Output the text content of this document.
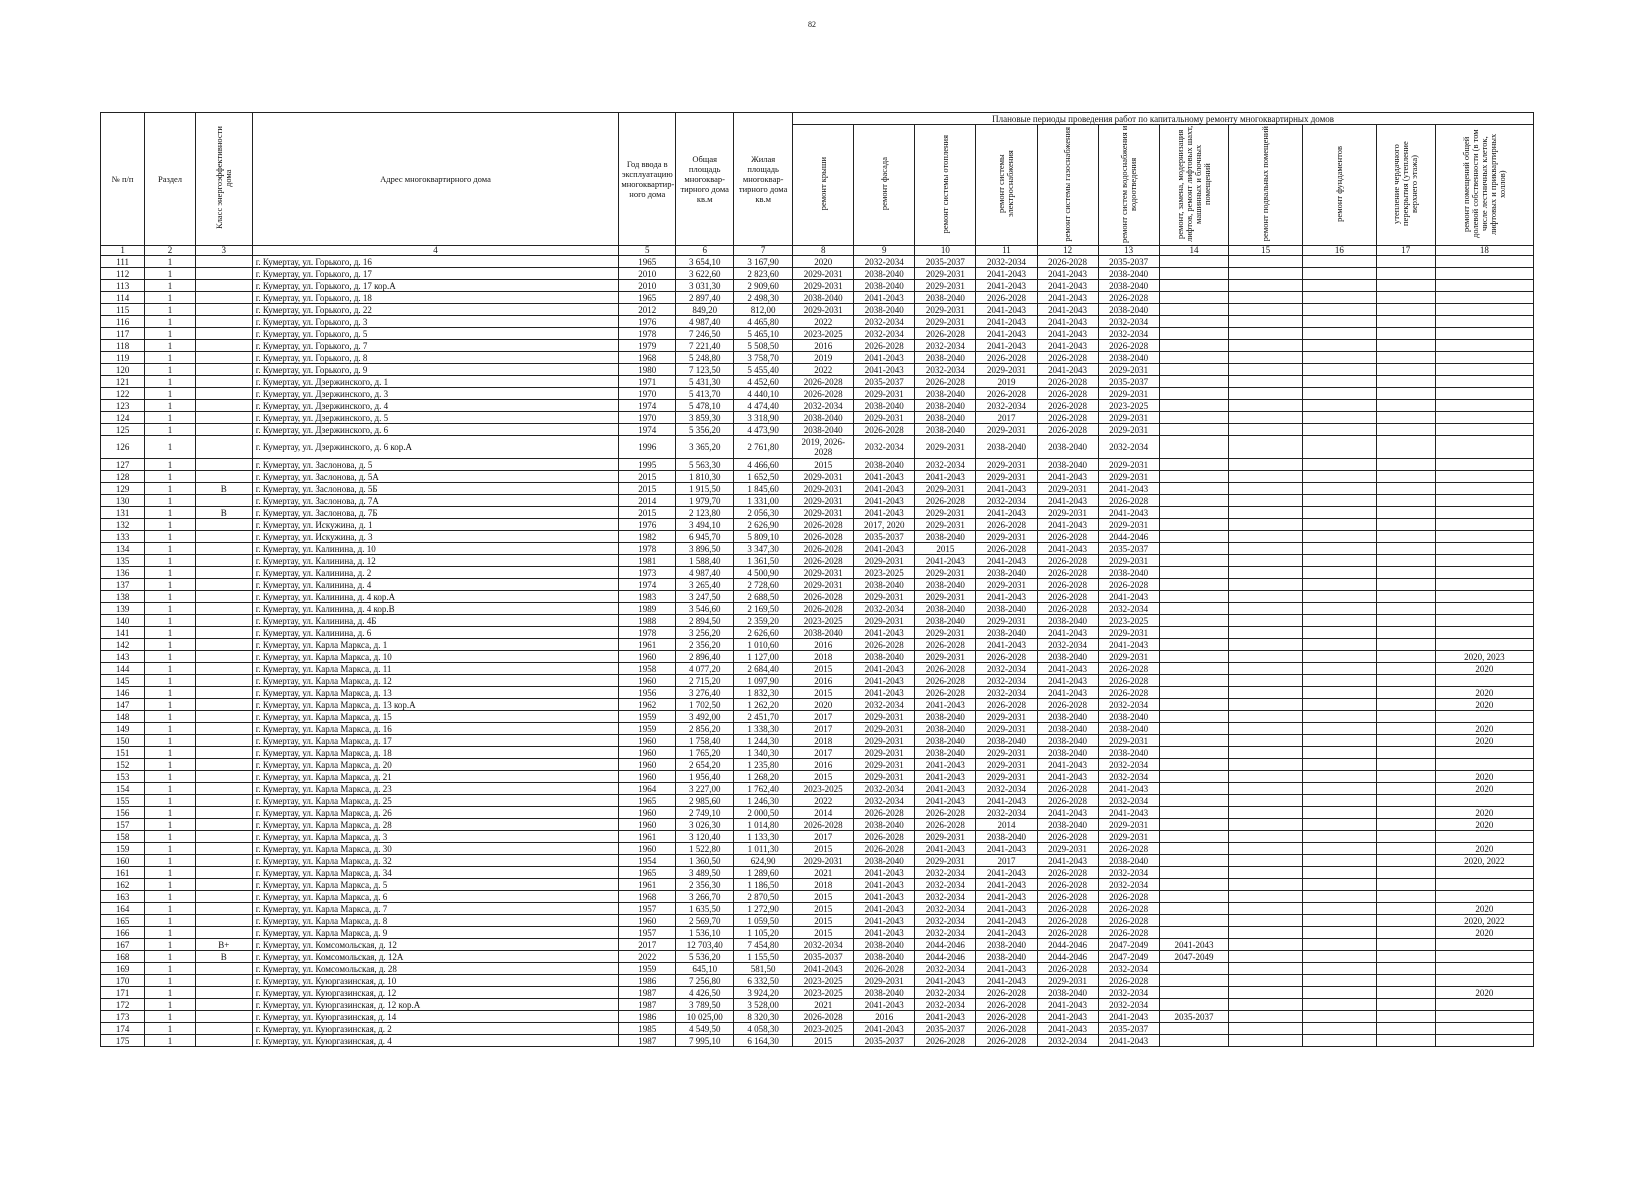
82
№ п/п	Раздел	Класс энергоэффективности дома	Адрес многоквартирного дома	Год ввода в эксплуатацию многоквартир-ного дома	Общая площадь многоквар-тирного дома кв.м	Жилая площадь многоквар-тирного дома кв.м	Плановые периоды проведения работ по капитальному ремонту многоквартирных домов										
							ремонт крыши	ремонт фасада	ремонт системы отопления	ремонт системы электроснабжения	ремонт системы газоснабжения	ремонт систем водоснабжения и водоотведения	ремонт, замена, модернизация лифтов, ремонт лифтовых шахт, машинных и блочных помещений	ремонт подвальных помещений	ремонт фундаментов	утепление чердачного перекрытия (утепление верхнего этажа)	ремонт помещений общей долевой собственности (в том числе лестничных клеток, лифтовых и приквартирных холлов)
1	2	3	4	5	6	7	8	9	10	11	12	13	14	15	16	17	18
111	1		г. Кумертау, ул. Горького, д. 16	1965	3 654,10	3 167,90	2020	2032-2034	2035-2037	2032-2034	2026-2028	2035-2037					
112	1		г. Кумертау, ул. Горького, д. 17	2010	3 622,60	2 823,60	2029-2031	2038-2040	2029-2031	2041-2043	2041-2043	2038-2040					
113	1		г. Кумертау, ул. Горького, д. 17 кор.А	2010	3 031,30	2 909,60	2029-2031	2038-2040	2029-2031	2041-2043	2041-2043	2038-2040					
114	1		г. Кумертау, ул. Горького, д. 18	1965	2 897,40	2 498,30	2038-2040	2041-2043	2038-2040	2026-2028	2041-2043	2026-2028					
115	1		г. Кумертау, ул. Горького, д. 22	2012	849,20	812,00	2029-2031	2038-2040	2029-2031	2041-2043	2041-2043	2038-2040					
116	1		г. Кумертау, ул. Горького, д. 3	1976	4 987,40	4 465,80	2022	2032-2034	2029-2031	2041-2043	2041-2043	2032-2034					
117	1		г. Кумертау, ул. Горького, д. 5	1978	7 246,50	5 465,10	2023-2025	2032-2034	2026-2028	2041-2043	2041-2043	2032-2034					
118	1		г. Кумертау, ул. Горького, д. 7	1979	7 221,40	5 508,50	2016	2026-2028	2032-2034	2041-2043	2041-2043	2026-2028					
119	1		г. Кумертау, ул. Горького, д. 8	1968	5 248,80	3 758,70	2019	2041-2043	2038-2040	2026-2028	2026-2028	2038-2040					
120	1		г. Кумертау, ул. Горького, д. 9	1980	7 123,50	5 455,40	2022	2041-2043	2032-2034	2029-2031	2041-2043	2029-2031					
121	1		г. Кумертау, ул. Дзержинского, д. 1	1971	5 431,30	4 452,60	2026-2028	2035-2037	2026-2028	2019	2026-2028	2035-2037					
122	1		г. Кумертау, ул. Дзержинского, д. 3	1970	5 413,70	4 440,10	2026-2028	2029-2031	2038-2040	2026-2028	2026-2028	2029-2031					
123	1		г. Кумертау, ул. Дзержинского, д. 4	1974	5 478,10	4 474,40	2032-2034	2038-2040	2038-2040	2032-2034	2026-2028	2023-2025					
124	1		г. Кумертау, ул. Дзержинского, д. 5	1970	3 859,30	3 318,90	2038-2040	2029-2031	2038-2040	2017	2026-2028	2029-2031					
125	1		г. Кумертау, ул. Дзержинского, д. 6	1974	5 356,20	4 473,90	2038-2040	2026-2028	2038-2040	2029-2031	2026-2028	2029-2031					
126	1		г. Кумертау, ул. Дзержинского, д. 6 кор.А	1996	3 365,20	2 761,80	2019, 2026-2028	2032-2034	2029-2031	2038-2040	2038-2040	2032-2034					
127	1		г. Кумертау, ул. Заслонова, д. 5	1995	5 563,30	4 466,60	2015	2038-2040	2032-2034	2029-2031	2038-2040	2029-2031					
128	1		г. Кумертау, ул. Заслонова, д. 5А	2015	1 810,30	1 652,50	2029-2031	2041-2043	2041-2043	2029-2031	2041-2043	2029-2031					
129	1	В	г. Кумертау, ул. Заслонова, д. 5Б	2015	1 915,50	1 845,60	2029-2031	2041-2043	2029-2031	2041-2043	2029-2031	2041-2043					
130	1		г. Кумертау, ул. Заслонова, д. 7А	2014	1 979,70	1 331,00	2029-2031	2041-2043	2026-2028	2032-2034	2041-2043	2026-2028					
131	1	В	г. Кумертау, ул. Заслонова, д. 7Б	2015	2 123,80	2 056,30	2029-2031	2041-2043	2029-2031	2041-2043	2029-2031	2041-2043					
132	1		г. Кумертау, ул. Искужина, д. 1	1976	3 494,10	2 626,90	2026-2028	2017, 2020	2029-2031	2026-2028	2041-2043	2029-2031					
133	1		г. Кумертау, ул. Искужина, д. 3	1982	6 945,70	5 809,10	2026-2028	2035-2037	2038-2040	2029-2031	2026-2028	2044-2046					
134	1		г. Кумертау, ул. Калинина, д. 10	1978	3 896,50	3 347,30	2026-2028	2041-2043	2015	2026-2028	2041-2043	2035-2037					
135	1		г. Кумертау, ул. Калинина, д. 12	1981	1 588,40	1 361,50	2026-2028	2029-2031	2041-2043	2041-2043	2026-2028	2029-2031					
136	1		г. Кумертау, ул. Калинина, д. 2	1973	4 987,40	4 500,90	2029-2031	2023-2025	2029-2031	2038-2040	2026-2028	2038-2040					
137	1		г. Кумертау, ул. Калинина, д. 4	1974	3 265,40	2 728,60	2029-2031	2038-2040	2038-2040	2029-2031	2026-2028	2026-2028					
138	1		г. Кумертау, ул. Калинина, д. 4 кор.А	1983	3 247,50	2 688,50	2026-2028	2029-2031	2029-2031	2041-2043	2026-2028	2041-2043					
139	1		г. Кумертау, ул. Калинина, д. 4 кор.В	1989	3 546,60	2 169,50	2026-2028	2032-2034	2038-2040	2038-2040	2026-2028	2032-2034					
140	1		г. Кумертау, ул. Калинина, д. 4Б	1988	2 894,50	2 359,20	2023-2025	2029-2031	2038-2040	2029-2031	2038-2040	2023-2025					
141	1		г. Кумертау, ул. Калинина, д. 6	1978	3 256,20	2 626,60	2038-2040	2041-2043	2029-2031	2038-2040	2041-2043	2029-2031					
142	1		г. Кумертау, ул. Карла Маркса, д. 1	1961	2 356,20	1 010,60	2016	2026-2028	2026-2028	2041-2043	2032-2034	2041-2043					
143	1		г. Кумертау, ул. Карла Маркса, д. 10	1960	2 896,40	1 127,00	2018	2038-2040	2029-2031	2026-2028	2038-2040	2029-2031					2020, 2023
144	1		г. Кумертау, ул. Карла Маркса, д. 11	1958	4 077,20	2 684,40	2015	2041-2043	2026-2028	2032-2034	2041-2043	2026-2028					2020
145	1		г. Кумертау, ул. Карла Маркса, д. 12	1960	2 715,20	1 097,90	2016	2041-2043	2026-2028	2032-2034	2041-2043	2026-2028					
146	1		г. Кумертау, ул. Карла Маркса, д. 13	1956	3 276,40	1 832,30	2015	2041-2043	2026-2028	2032-2034	2041-2043	2026-2028					2020
147	1		г. Кумертау, ул. Карла Маркса, д. 13 кор.А	1962	1 702,50	1 262,20	2020	2032-2034	2041-2043	2026-2028	2026-2028	2032-2034					2020
148	1		г. Кумертау, ул. Карла Маркса, д. 15	1959	3 492,00	2 451,70	2017	2029-2031	2038-2040	2029-2031	2038-2040	2038-2040					
149	1		г. Кумертау, ул. Карла Маркса, д. 16	1959	2 856,20	1 338,30	2017	2029-2031	2038-2040	2029-2031	2038-2040	2038-2040					2020
150	1		г. Кумертау, ул. Карла Маркса, д. 17	1960	1 758,40	1 244,30	2018	2029-2031	2038-2040	2038-2040	2038-2040	2029-2031					2020
151	1		г. Кумертау, ул. Карла Маркса, д. 18	1960	1 765,20	1 340,30	2017	2029-2031	2038-2040	2029-2031	2038-2040	2038-2040					
152	1		г. Кумертау, ул. Карла Маркса, д. 20	1960	2 654,20	1 235,80	2016	2029-2031	2041-2043	2029-2031	2041-2043	2032-2034					
153	1		г. Кумертау, ул. Карла Маркса, д. 21	1960	1 956,40	1 268,20	2015	2029-2031	2041-2043	2029-2031	2041-2043	2032-2034					2020
154	1		г. Кумертау, ул. Карла Маркса, д. 23	1964	3 227,00	1 762,40	2023-2025	2032-2034	2041-2043	2032-2034	2026-2028	2041-2043					2020
155	1		г. Кумертау, ул. Карла Маркса, д. 25	1965	2 985,60	1 246,30	2022	2032-2034	2041-2043	2041-2043	2026-2028	2032-2034					
156	1		г. Кумертау, ул. Карла Маркса, д. 26	1960	2 749,10	2 000,50	2014	2026-2028	2026-2028	2032-2034	2041-2043	2041-2043					2020
157	1		г. Кумертау, ул. Карла Маркса, д. 28	1960	3 026,30	1 014,80	2026-2028	2038-2040	2026-2028	2014	2038-2040	2029-2031					2020
158	1		г. Кумертау, ул. Карла Маркса, д. 3	1961	3 120,40	1 133,30	2017	2026-2028	2029-2031	2038-2040	2026-2028	2029-2031					
159	1		г. Кумертау, ул. Карла Маркса, д. 30	1960	1 522,80	1 011,30	2015	2026-2028	2041-2043	2041-2043	2029-2031	2026-2028					2020
160	1		г. Кумертау, ул. Карла Маркса, д. 32	1954	1 360,50	624,90	2029-2031	2038-2040	2029-2031	2017	2041-2043	2038-2040					2020, 2022
161	1		г. Кумертау, ул. Карла Маркса, д. 34	1965	3 489,50	1 289,60	2021	2041-2043	2032-2034	2041-2043	2026-2028	2032-2034					
162	1		г. Кумертау, ул. Карла Маркса, д. 5	1961	2 356,30	1 186,50	2018	2041-2043	2032-2034	2041-2043	2026-2028	2032-2034					
163	1		г. Кумертау, ул. Карла Маркса, д. 6	1968	3 266,70	2 870,50	2015	2041-2043	2032-2034	2041-2043	2026-2028	2026-2028					
164	1		г. Кумертау, ул. Карла Маркса, д. 7	1957	1 635,50	1 272,90	2015	2041-2043	2032-2034	2041-2043	2026-2028	2026-2028					2020
165	1		г. Кумертау, ул. Карла Маркса, д. 8	1960	2 569,70	1 059,50	2015	2041-2043	2032-2034	2041-2043	2026-2028	2026-2028					2020, 2022
166	1		г. Кумертау, ул. Карла Маркса, д. 9	1957	1 536,10	1 105,20	2015	2041-2043	2032-2034	2041-2043	2026-2028	2026-2028					2020
167	1	В+	г. Кумертау, ул. Комсомольская, д. 12	2017	12 703,40	7 454,80	2032-2034	2038-2040	2044-2046	2038-2040	2044-2046	2047-2049	2041-2043				
168	1	В	г. Кумертау, ул. Комсомольская, д. 12А	2022	5 536,20	1 155,50	2035-2037	2038-2040	2044-2046	2038-2040	2044-2046	2047-2049	2047-2049				
169	1		г. Кумертау, ул. Комсомольская, д. 28	1959	645,10	581,50	2041-2043	2026-2028	2032-2034	2041-2043	2026-2028	2032-2034					
170	1		г. Кумертау, ул. Куюргазинская, д. 10	1986	7 256,80	6 332,50	2023-2025	2029-2031	2041-2043	2041-2043	2029-2031	2026-2028					
171	1		г. Кумертау, ул. Куюргазинская, д. 12	1987	4 426,50	3 924,20	2023-2025	2038-2040	2032-2034	2026-2028	2038-2040	2032-2034					2020
172	1		г. Кумертау, ул. Куюргазинская, д. 12 кор.А	1987	3 789,50	3 528,00	2021	2041-2043	2032-2034	2026-2028	2041-2043	2032-2034					
173	1		г. Кумертау, ул. Куюргазинская, д. 14	1986	10 025,00	8 320,30	2026-2028	2016	2041-2043	2026-2028	2041-2043	2041-2043	2035-2037				
174	1		г. Кумертау, ул. Куюргазинская, д. 2	1985	4 549,50	4 058,30	2023-2025	2041-2043	2035-2037	2026-2028	2041-2043	2035-2037					
175	1		г. Кумертау, ул. Куюргазинская, д. 4	1987	7 995,10	6 164,30	2015	2035-2037	2026-2028	2026-2028	2032-2034	2041-2043					
